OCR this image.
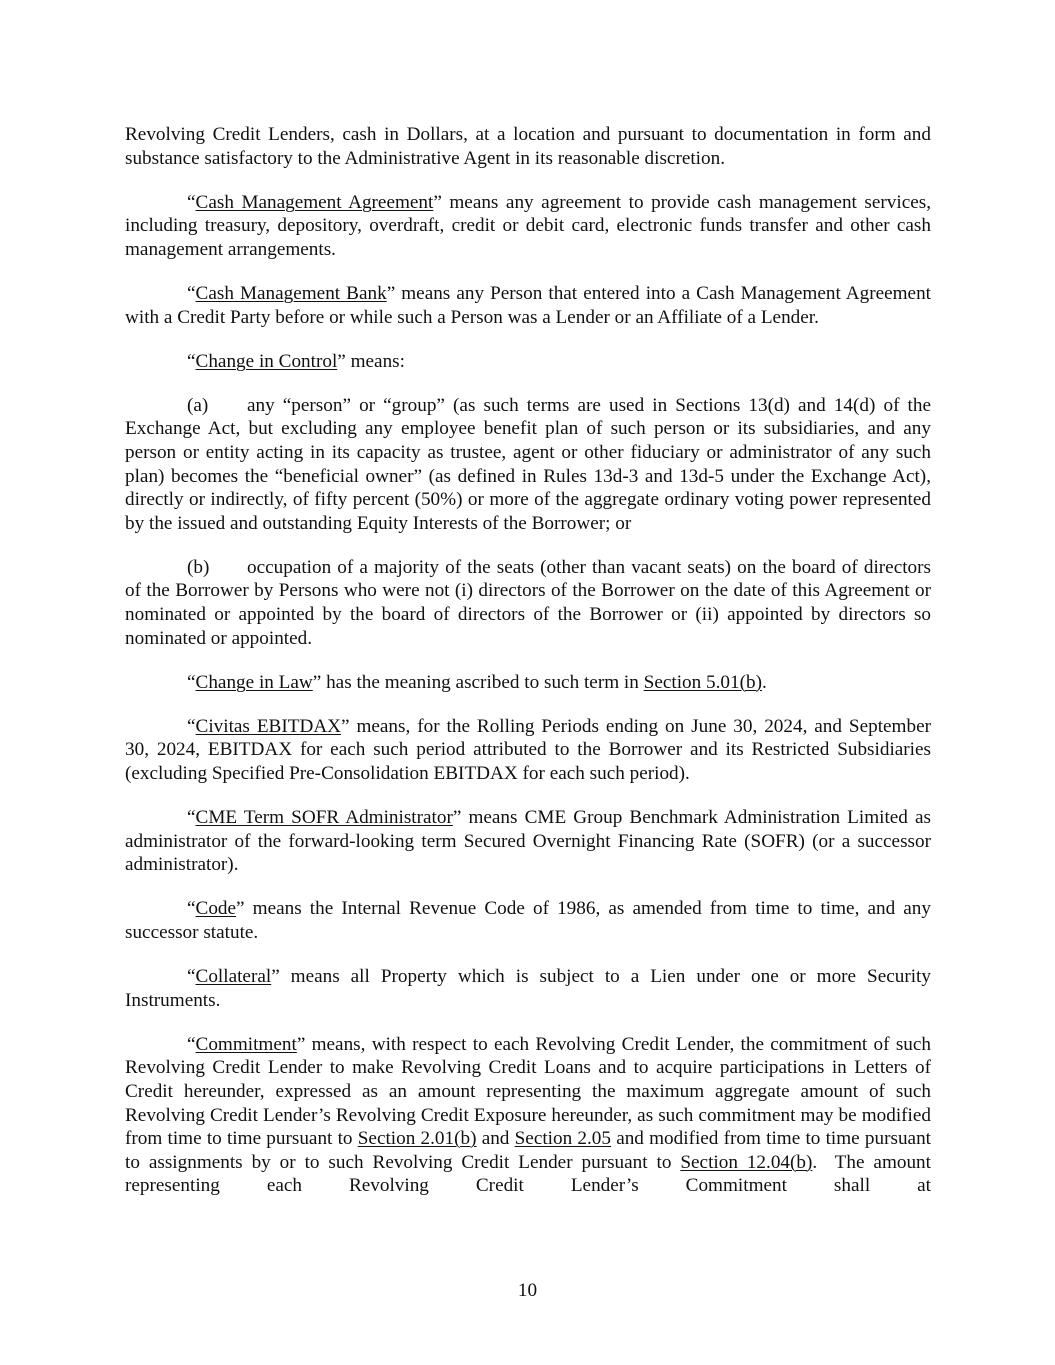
Revolving Credit Lenders, cash in Dollars, at a location and pursuant to documentation in form and substance satisfactory to the Administrative Agent in its reasonable discretion.

“Cash Management Agreement” means any agreement to provide cash management services, including treasury, depository, overdraft, credit or debit card, electronic funds transfer and other cash management arrangements.

“Cash Management Bank” means any Person that entered into a Cash Management Agreement with a Credit Party before or while such a Person was a Lender or an Affiliate of a Lender.

“Change in Control” means:

(a) any “person” or “group” (as such terms are used in Sections 13(d) and 14(d) of the Exchange Act, but excluding any employee benefit plan of such person or its subsidiaries, and any person or entity acting in its capacity as trustee, agent or other fiduciary or administrator of any such plan) becomes the “beneficial owner” (as defined in Rules 13d-3 and 13d-5 under the Exchange Act), directly or indirectly, of fifty percent (50%) or more of the aggregate ordinary voting power represented by the issued and outstanding Equity Interests of the Borrower; or

(b) occupation of a majority of the seats (other than vacant seats) on the board of directors of the Borrower by Persons who were not (i) directors of the Borrower on the date of this Agreement or nominated or appointed by the board of directors of the Borrower or (ii) appointed by directors so nominated or appointed.

“Change in Law” has the meaning ascribed to such term in Section 5.01(b).

“Civitas EBITDAX” means, for the Rolling Periods ending on June 30, 2024, and September 30, 2024, EBITDAX for each such period attributed to the Borrower and its Restricted Subsidiaries (excluding Specified Pre-Consolidation EBITDAX for each such period).

“CME Term SOFR Administrator” means CME Group Benchmark Administration Limited as administrator of the forward-looking term Secured Overnight Financing Rate (SOFR) (or a successor administrator).

“Code” means the Internal Revenue Code of 1986, as amended from time to time, and any successor statute.

“Collateral” means all Property which is subject to a Lien under one or more Security Instruments.

“Commitment” means, with respect to each Revolving Credit Lender, the commitment of such Revolving Credit Lender to make Revolving Credit Loans and to acquire participations in Letters of Credit hereunder, expressed as an amount representing the maximum aggregate amount of such Revolving Credit Lender’s Revolving Credit Exposure hereunder, as such commitment may be modified from time to time pursuant to Section 2.01(b) and Section 2.05 and modified from time to time pursuant to assignments by or to such Revolving Credit Lender pursuant to Section 12.04(b).  The amount representing each Revolving Credit Lender’s Commitment shall at

10
